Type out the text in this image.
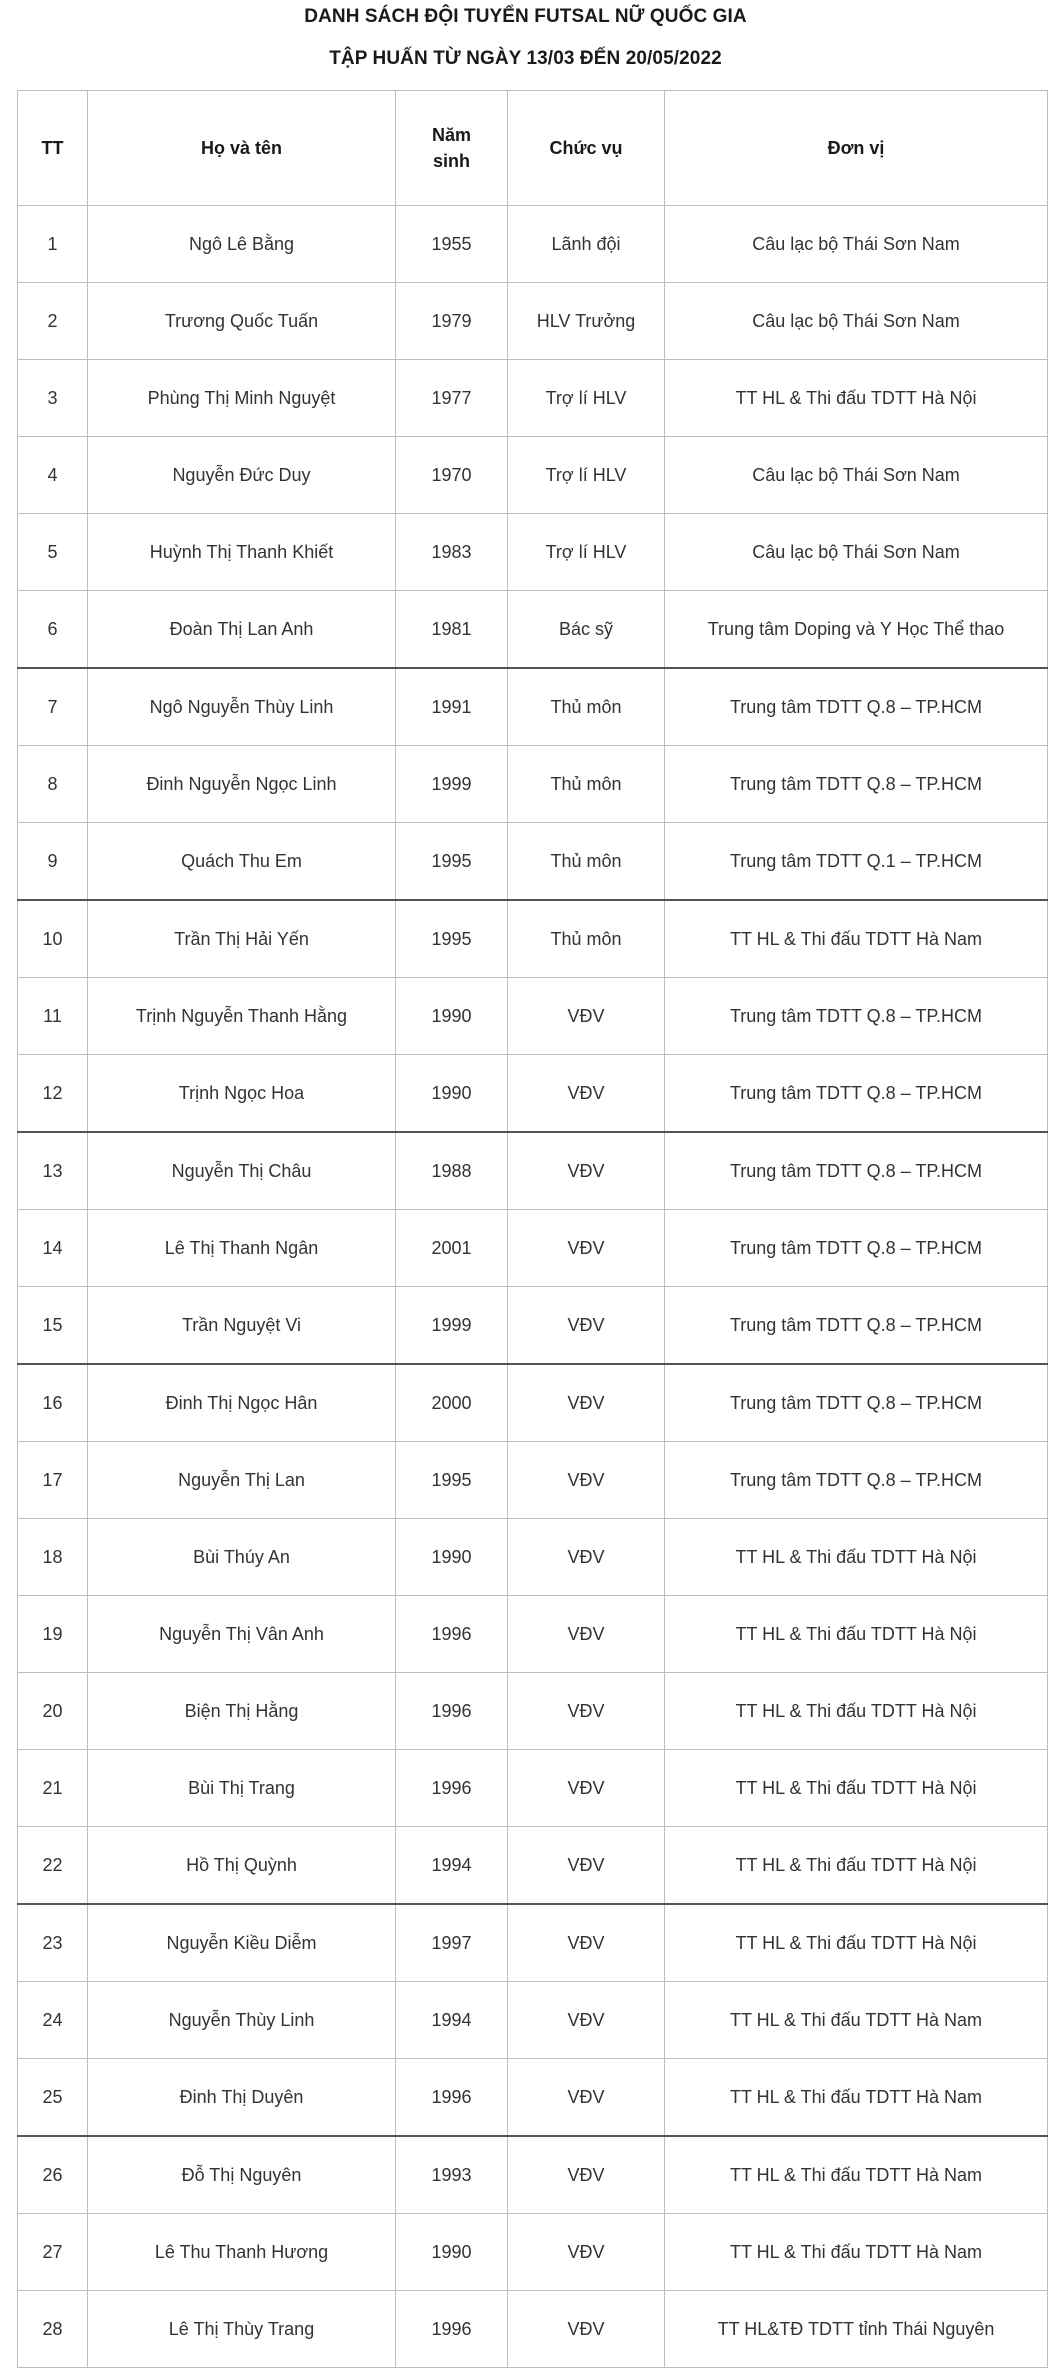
DANH SÁCH ĐỘI TUYỂN FUTSAL NỮ QUỐC GIA
TẬP HUẤN TỪ NGÀY 13/03 ĐẾN 20/05/2022
TT	Họ và tên	Năm sinh	Chức vụ	Đơn vị
1	Ngô Lê Bằng	1955	Lãnh đội	Câu lạc bộ Thái Sơn Nam
2	Trương Quốc Tuấn	1979	HLV Trưởng	Câu lạc bộ Thái Sơn Nam
3	Phùng Thị Minh Nguyệt	1977	Trợ lí HLV	TT HL & Thi đấu TDTT Hà Nội
4	Nguyễn Đức Duy	1970	Trợ lí HLV	Câu lạc bộ Thái Sơn Nam
5	Huỳnh Thị Thanh Khiết	1983	Trợ lí HLV	Câu lạc bộ Thái Sơn Nam
6	Đoàn Thị Lan Anh	1981	Bác sỹ	Trung tâm Doping và Y Học Thể thao
7	Ngô Nguyễn Thùy Linh	1991	Thủ môn	Trung tâm TDTT Q.8 – TP.HCM
8	Đinh Nguyễn Ngọc Linh	1999	Thủ môn	Trung tâm TDTT Q.8 – TP.HCM
9	Quách Thu Em	1995	Thủ môn	Trung tâm TDTT Q.1 – TP.HCM
10	Trần Thị Hải Yến	1995	Thủ môn	TT HL & Thi đấu TDTT Hà Nam
11	Trịnh Nguyễn Thanh Hằng	1990	VĐV	Trung tâm TDTT Q.8 – TP.HCM
12	Trịnh Ngọc Hoa	1990	VĐV	Trung tâm TDTT Q.8 – TP.HCM
13	Nguyễn Thị Châu	1988	VĐV	Trung tâm TDTT Q.8 – TP.HCM
14	Lê Thị Thanh Ngân	2001	VĐV	Trung tâm TDTT Q.8 – TP.HCM
15	Trần Nguyệt Vi	1999	VĐV	Trung tâm TDTT Q.8 – TP.HCM
16	Đinh Thị Ngọc Hân	2000	VĐV	Trung tâm TDTT Q.8 – TP.HCM
17	Nguyễn Thị Lan	1995	VĐV	Trung tâm TDTT Q.8 – TP.HCM
18	Bùi Thúy An	1990	VĐV	TT HL & Thi đấu TDTT Hà Nội
19	Nguyễn Thị Vân Anh	1996	VĐV	TT HL & Thi đấu TDTT Hà Nội
20	Biện Thị Hằng	1996	VĐV	TT HL & Thi đấu TDTT Hà Nội
21	Bùi Thị Trang	1996	VĐV	TT HL & Thi đấu TDTT Hà Nội
22	Hồ Thị Quỳnh	1994	VĐV	TT HL & Thi đấu TDTT Hà Nội
23	Nguyễn Kiều Diễm	1997	VĐV	TT HL & Thi đấu TDTT Hà Nội
24	Nguyễn Thùy Linh	1994	VĐV	TT HL & Thi đấu TDTT Hà Nam
25	Đinh Thị Duyên	1996	VĐV	TT HL & Thi đấu TDTT Hà Nam
26	Đỗ Thị Nguyên	1993	VĐV	TT HL & Thi đấu TDTT Hà Nam
27	Lê Thu Thanh Hương	1990	VĐV	TT HL & Thi đấu TDTT Hà Nam
28	Lê Thị Thùy Trang	1996	VĐV	TT HL&TĐ TDTT tỉnh Thái Nguyên
